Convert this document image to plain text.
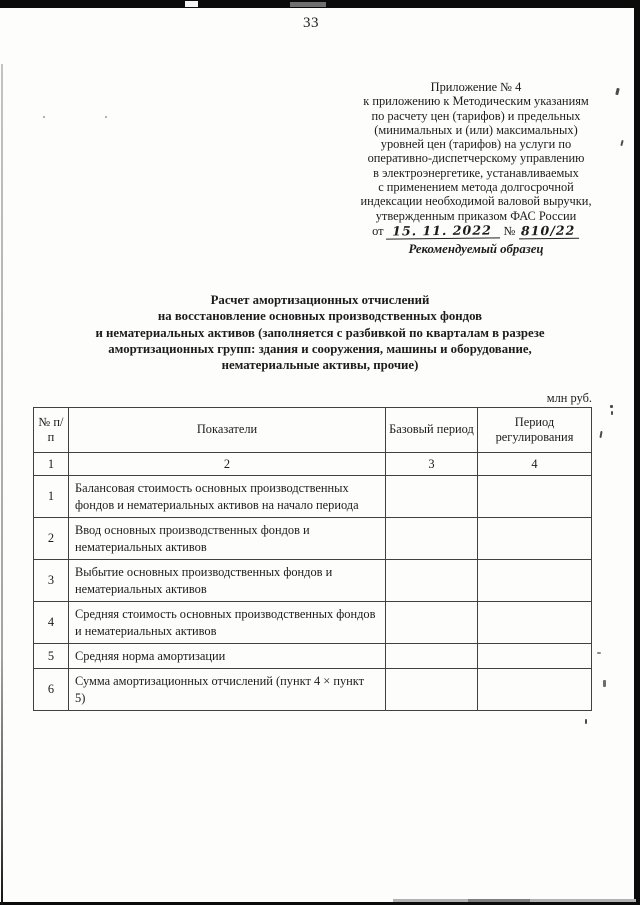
33
Приложение № 4
к приложению к Методическим указаниям
по расчету цен (тарифов) и предельных
(минимальных и (или) максимальных)
уровней цен (тарифов) на услуги по
оперативно-диспетчерскому управлению
в электроэнергетике, устанавливаемых
с применением метода долгосрочной
индексации необходимой валовой выручки,
утвержденным приказом ФАС России
от 15. 11. 2022 № 810/22
Рекомендуемый образец
Расчет амортизационных отчислений
на восстановление основных производственных фондов
и нематериальных активов (заполняется с разбивкой по кварталам в разрезе
амортизационных групп: здания и сооружения, машины и оборудование,
нематериальные активы, прочие)
млн руб.
№ п/п	Показатели	Базовый период	Период регулирования
1	2	3	4
1	Балансовая стоимость основных производственных фондов и нематериальных активов на начало периода		
2	Ввод основных производственных фондов и нематериальных активов		
3	Выбытие основных производственных фондов и нематериальных активов		
4	Средняя стоимость основных производственных фондов и нематериальных активов		
5	Средняя норма амортизации		
6	Сумма амортизационных отчислений (пункт 4 × пункт 5)		
